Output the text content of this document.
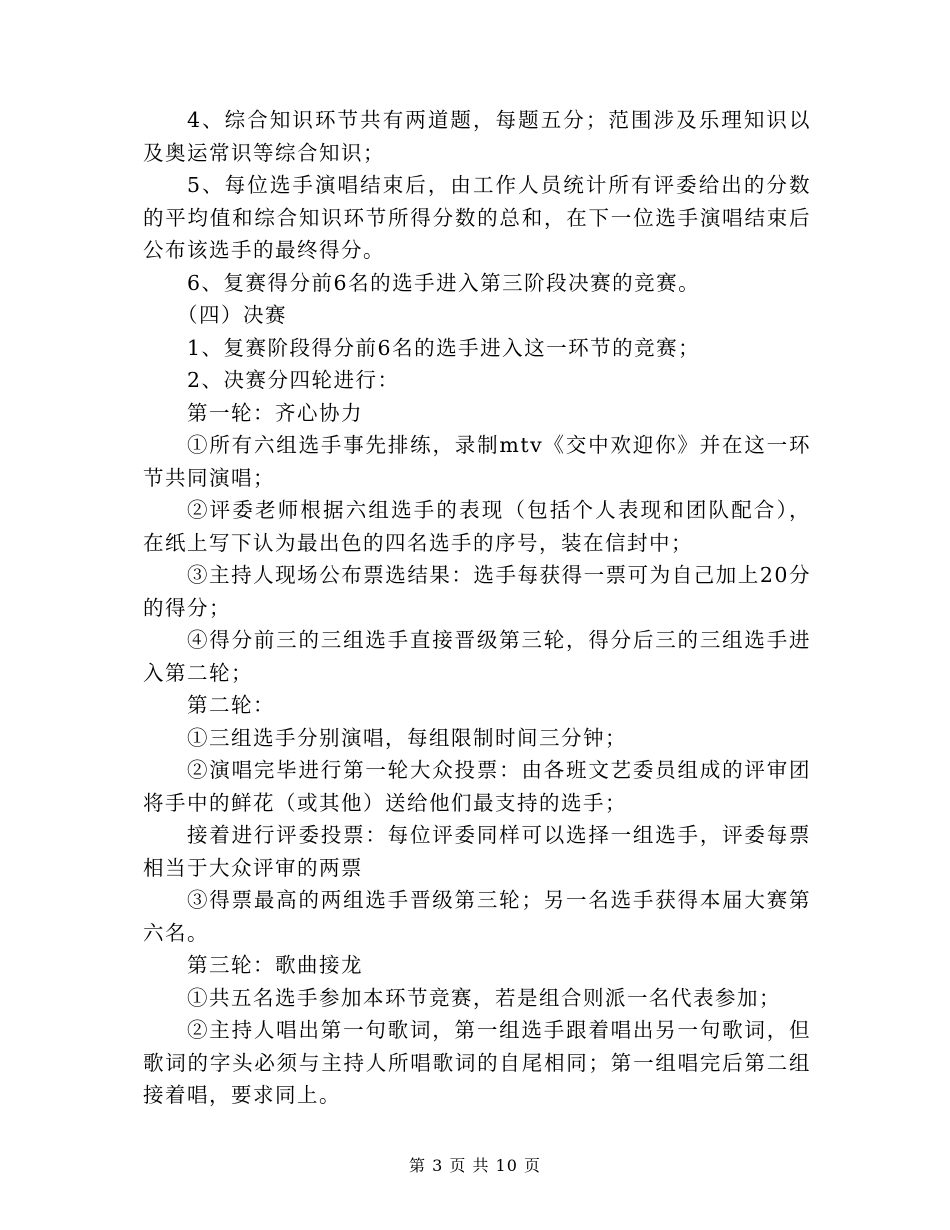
4、综合知识环节共有两道题，每题五分；范围涉及乐理知识以及奥运常识等综合知识；

5、每位选手演唱结束后，由工作人员统计所有评委给出的分数的平均值和综合知识环节所得分数的总和，在下一位选手演唱结束后公布该选手的最终得分。

6、复赛得分前6名的选手进入第三阶段决赛的竞赛。

（四）决赛

1、复赛阶段得分前6名的选手进入这一环节的竞赛；

2、决赛分四轮进行：

第一轮：齐心协力

①所有六组选手事先排练，录制mtv《交中欢迎你》并在这一环节共同演唱；

②评委老师根据六组选手的表现（包括个人表现和团队配合），在纸上写下认为最出色的四名选手的序号，装在信封中；

③主持人现场公布票选结果：选手每获得一票可为自己加上20分的得分；

④得分前三的三组选手直接晋级第三轮，得分后三的三组选手进入第二轮；

第二轮：

①三组选手分别演唱，每组限制时间三分钟；

②演唱完毕进行第一轮大众投票：由各班文艺委员组成的评审团将手中的鲜花（或其他）送给他们最支持的选手；

接着进行评委投票：每位评委同样可以选择一组选手，评委每票相当于大众评审的两票

③得票最高的两组选手晋级第三轮；另一名选手获得本届大赛第六名。

第三轮：歌曲接龙

①共五名选手参加本环节竞赛，若是组合则派一名代表参加；

②主持人唱出第一句歌词，第一组选手跟着唱出另一句歌词，但歌词的字头必须与主持人所唱歌词的自尾相同；第一组唱完后第二组接着唱，要求同上。

第 3 页 共 10 页
